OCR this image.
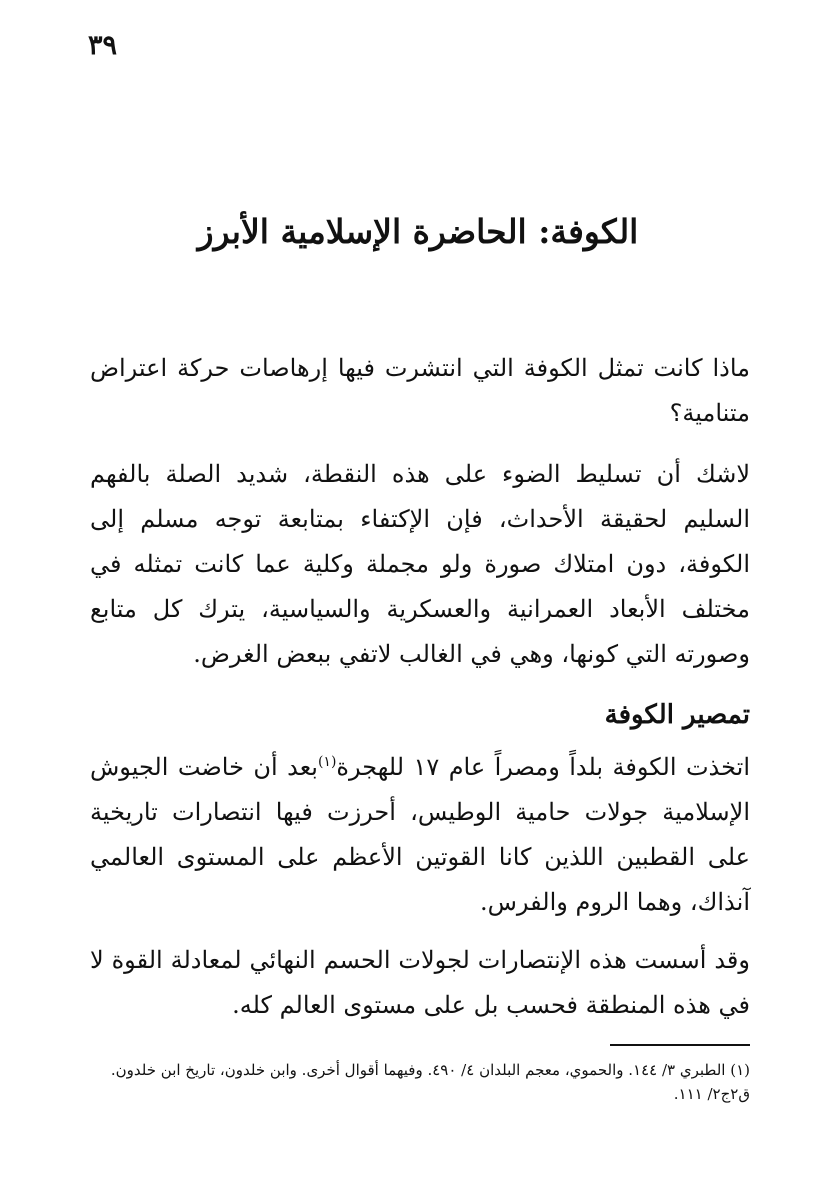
٣٩
الكوفة: الحاضرة الإسلامية الأبرز

ماذا كانت تمثل الكوفة التي انتشرت فيها إرهاصات حركة اعتراض متنامية؟

لاشك أن تسليط الضوء على هذه النقطة، شديد الصلة بالفهم السليم لحقيقة الأحداث، فإن الإكتفاء بمتابعة توجه مسلم إلى الكوفة، دون امتلاك صورة ولو مجملة وكلية عما كانت تمثله في مختلف الأبعاد العمرانية والعسكرية والسياسية، يترك كل متابع وصورته التي كونها، وهي في الغالب لاتفي ببعض الغرض.

تمصير الكوفة

اتخذت الكوفة بلداً ومصراً عام ١٧ للهجرة$^{(١)}$بعد أن خاضت الجيوش الإسلامية جولات حامية الوطيس، أحرزت فيها انتصارات تاريخية على القطبين اللذين كانا القوتين الأعظم على المستوى العالمي آنذاك، وهما الروم والفرس.

وقد أسست هذه الإنتصارات لجولات الحسم النهائي لمعادلة القوة لا في هذه المنطقة فحسب بل على مستوى العالم كله.

(١) الطبري ٣/ ١٤٤. والحموي، معجم البلدان ٤/ ٤٩٠. وفيهما أقوال أخرى. وابن خلدون، تاريخ ابن خلدون. ق٢ج٢/ ١١١.
